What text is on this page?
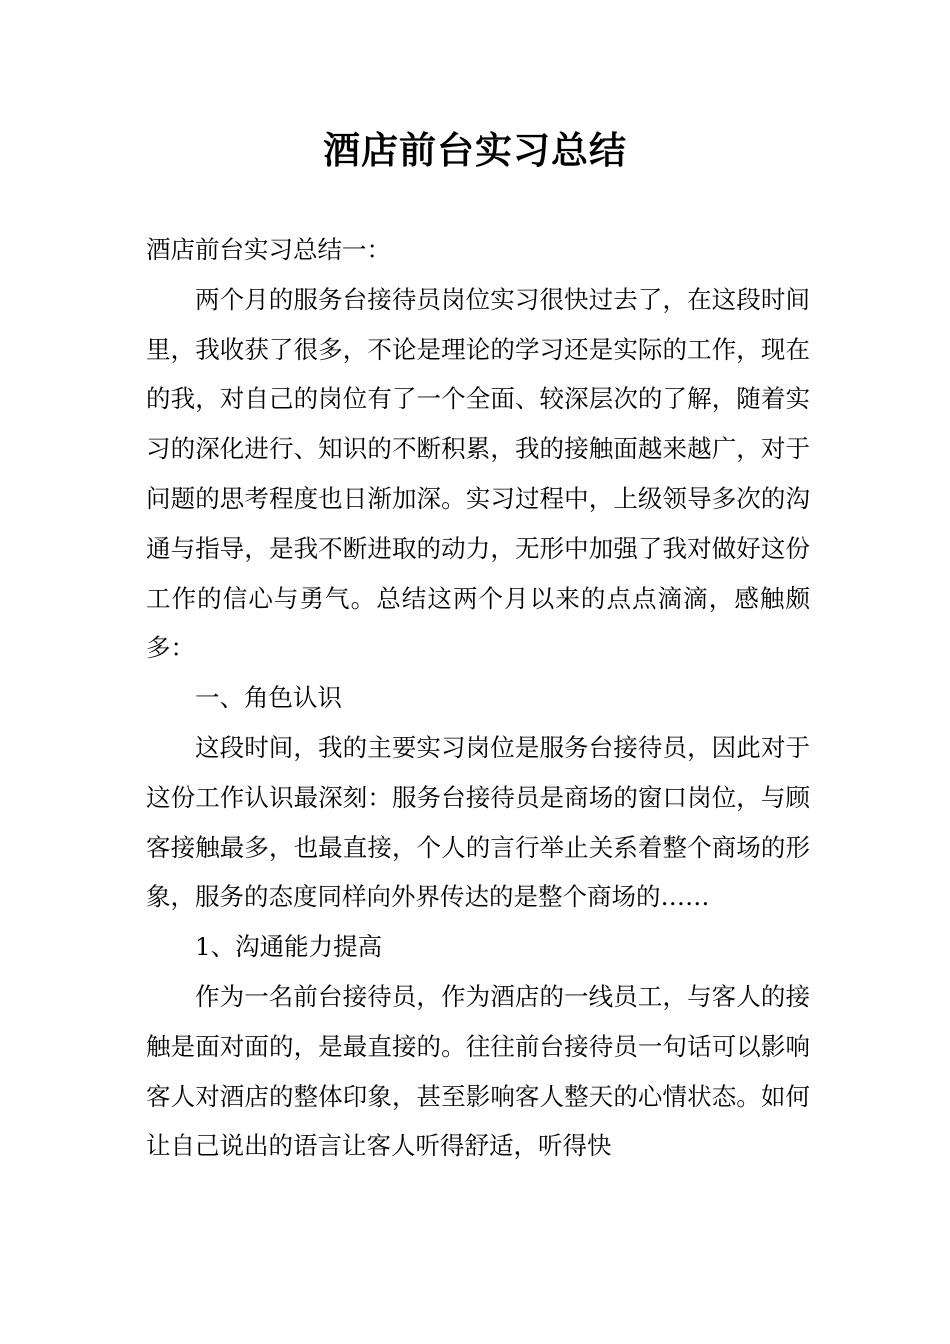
酒店前台实习总结

酒店前台实习总结一：

两个月的服务台接待员岗位实习很快过去了，在这段时间里，我收获了很多，不论是理论的学习还是实际的工作，现在的我，对自己的岗位有了一个全面、较深层次的了解，随着实习的深化进行、知识的不断积累，我的接触面越来越广，对于问题的思考程度也日渐加深。实习过程中，上级领导多次的沟通与指导，是我不断进取的动力，无形中加强了我对做好这份工作的信心与勇气。总结这两个月以来的点点滴滴，感触颇多：

一、角色认识

这段时间，我的主要实习岗位是服务台接待员，因此对于这份工作认识最深刻：服务台接待员是商场的窗口岗位，与顾客接触最多，也最直接，个人的言行举止关系着整个商场的形象，服务的态度同样向外界传达的是整个商场的……

1、沟通能力提高

作为一名前台接待员，作为酒店的一线员工，与客人的接触是面对面的，是最直接的。往往前台接待员一句话可以影响客人对酒店的整体印象，甚至影响客人整天的心情状态。如何让自己说出的语言让客人听得舒适，听得快
